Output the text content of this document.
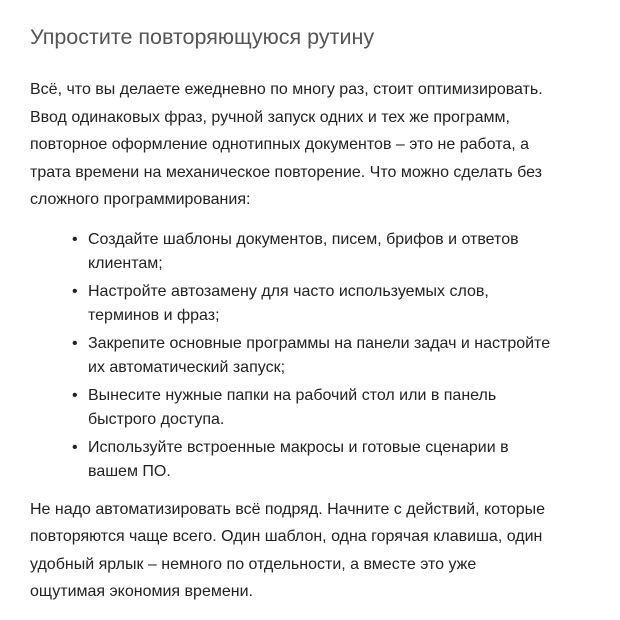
Упростите повторяющуюся рутину

Всё, что вы делаете ежедневно по многу раз, стоит оптимизировать.
Ввод одинаковых фраз, ручной запуск одних и тех же программ,
повторное оформление однотипных документов – это не работа, а
трата времени на механическое повторение. Что можно сделать без
сложного программирования:

• Создайте шаблоны документов, писем, брифов и ответов
клиентам;
• Настройте автозамену для часто используемых слов,
терминов и фраз;
• Закрепите основные программы на панели задач и настройте
их автоматический запуск;
• Вынесите нужные папки на рабочий стол или в панель
быстрого доступа.
• Используйте встроенные макросы и готовые сценарии в
вашем ПО.

Не надо автоматизировать всё подряд. Начните с действий, которые
повторяются чаще всего. Один шаблон, одна горячая клавиша, один
удобный ярлык – немного по отдельности, а вместе это уже
ощутимая экономия времени.
